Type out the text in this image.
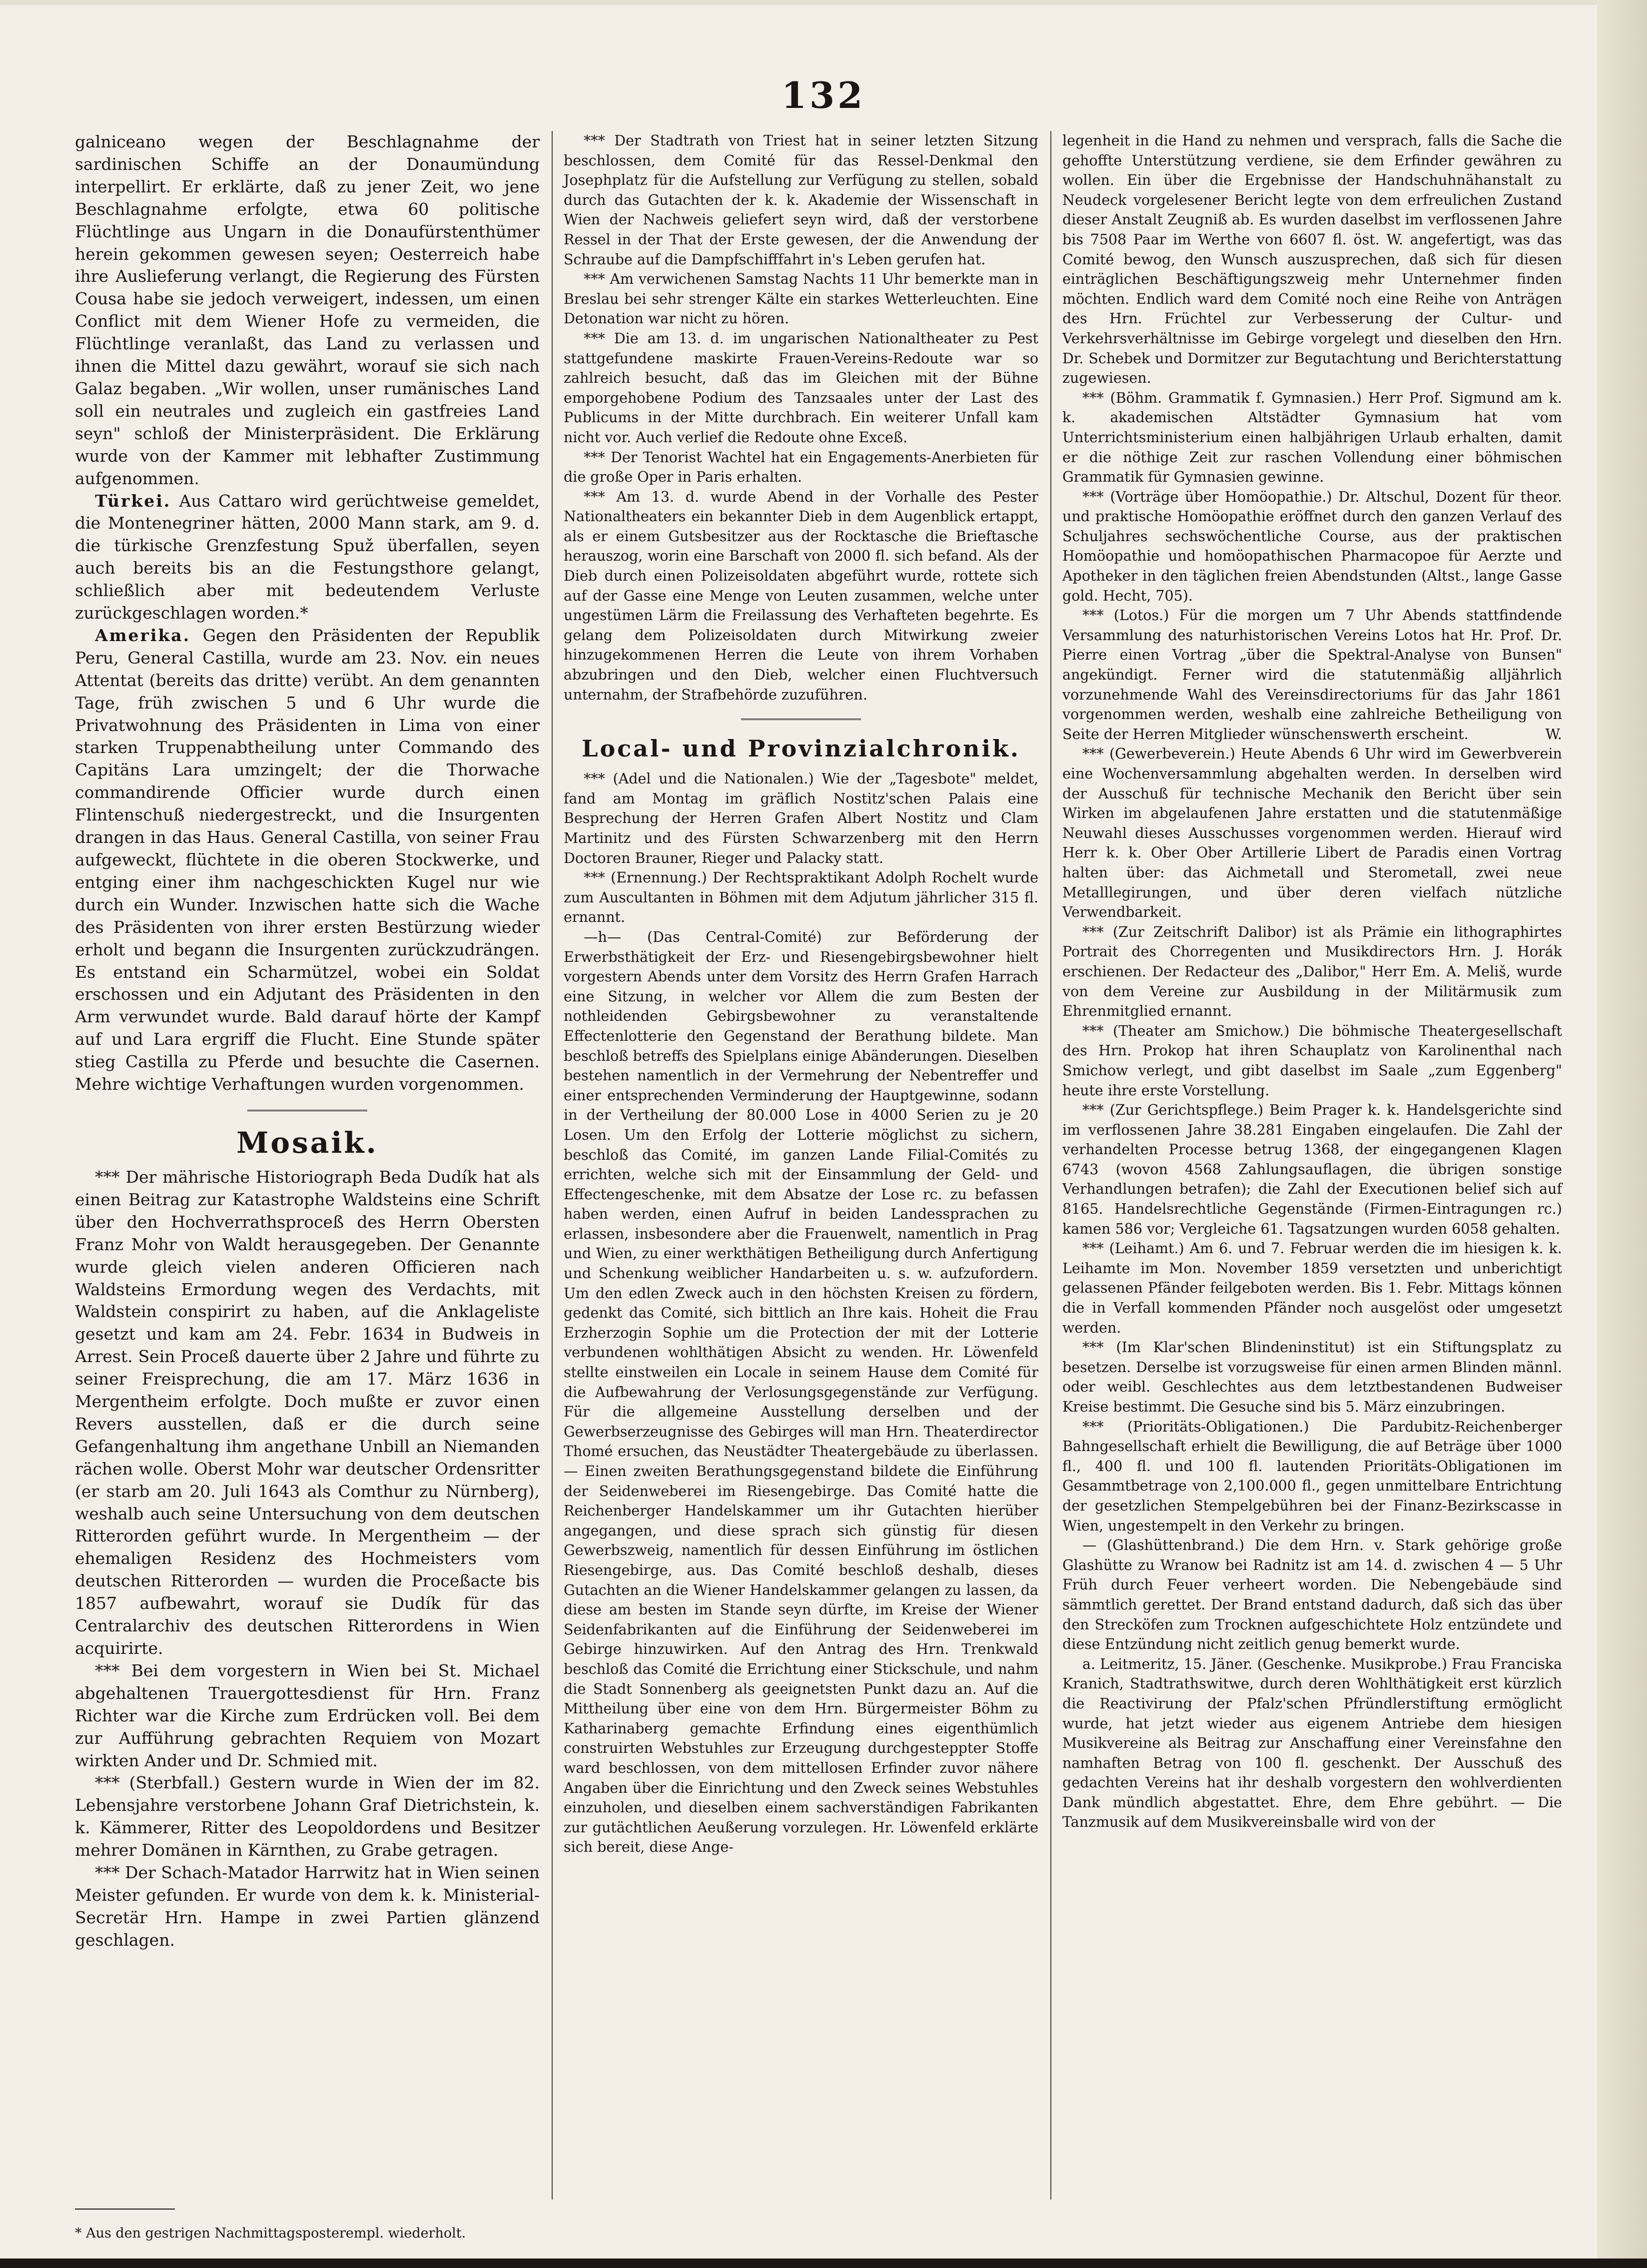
132

galniceano wegen der Beschlagnahme der sardinischen Schiffe an der Donaumündung interpellirt. Er erklärte, daß zu jener Zeit, wo jene Beschlagnahme erfolgte, etwa 60 politische Flüchtlinge aus Ungarn in die Donaufürstenthümer herein gekommen gewesen seyen; Oesterreich habe ihre Auslieferung verlangt, die Regierung des Fürsten Cousa habe sie jedoch verweigert, indessen, um einen Conflict mit dem Wiener Hofe zu vermeiden, die Flüchtlinge veranlaßt, das Land zu verlassen und ihnen die Mittel dazu gewährt, worauf sie sich nach Galaz begaben. „Wir wollen, unser rumänisches Land soll ein neutrales und zugleich ein gastfreies Land seyn" schloß der Ministerpräsident. Die Erklärung wurde von der Kammer mit lebhafter Zustimmung aufgenommen.

Türkei. Aus Cattaro wird gerüchtweise gemeldet, die Montenegriner hätten, 2000 Mann stark, am 9. d. die türkische Grenzfestung Spuž überfallen, seyen auch bereits bis an die Festungsthore gelangt, schließlich aber mit bedeutendem Verluste zurückgeschlagen worden.*

Amerika. Gegen den Präsidenten der Republik Peru, General Castilla, wurde am 23. Nov. ein neues Attentat (bereits das dritte) verübt. An dem genannten Tage, früh zwischen 5 und 6 Uhr wurde die Privatwohnung des Präsidenten in Lima von einer starken Truppenabtheilung unter Commando des Capitäns Lara umzingelt; der die Thorwache commandirende Officier wurde durch einen Flintenschuß niedergestreckt, und die Insurgenten drangen in das Haus. General Castilla, von seiner Frau aufgeweckt, flüchtete in die oberen Stockwerke, und entging einer ihm nachgeschickten Kugel nur wie durch ein Wunder. Inzwischen hatte sich die Wache des Präsidenten von ihrer ersten Bestürzung wieder erholt und begann die Insurgenten zurückzudrängen. Es entstand ein Scharmützel, wobei ein Soldat erschossen und ein Adjutant des Präsidenten in den Arm verwundet wurde. Bald darauf hörte der Kampf auf und Lara ergriff die Flucht. Eine Stunde später stieg Castilla zu Pferde und besuchte die Casernen. Mehre wichtige Verhaftungen wurden vorgenommen.

Mosaik.

*** Der mährische Historiograph Beda Dudík hat als einen Beitrag zur Katastrophe Waldsteins eine Schrift über den Hochverrathsproceß des Herrn Obersten Franz Mohr von Waldt herausgegeben. Der Genannte wurde gleich vielen anderen Officieren nach Waldsteins Ermordung wegen des Verdachts, mit Waldstein conspirirt zu haben, auf die Anklageliste gesetzt und kam am 24. Febr. 1634 in Budweis in Arrest. Sein Proceß dauerte über 2 Jahre und führte zu seiner Freisprechung, die am 17. März 1636 in Mergentheim erfolgte. Doch mußte er zuvor einen Revers ausstellen, daß er die durch seine Gefangenhaltung ihm angethane Unbill an Niemanden rächen wolle. Oberst Mohr war deutscher Ordensritter (er starb am 20. Juli 1643 als Comthur zu Nürnberg), weshalb auch seine Untersuchung von dem deutschen Ritterorden geführt wurde. In Mergentheim — der ehemaligen Residenz des Hochmeisters vom deutschen Ritterorden — wurden die Proceßacte bis 1857 aufbewahrt, worauf sie Dudík für das Centralarchiv des deutschen Ritterordens in Wien acquirirte.

*** Bei dem vorgestern in Wien bei St. Michael abgehaltenen Trauergottesdienst für Hrn. Franz Richter war die Kirche zum Erdrücken voll. Bei dem zur Aufführung gebrachten Requiem von Mozart wirkten Ander und Dr. Schmied mit.

*** (Sterbfall.) Gestern wurde in Wien der im 82. Lebensjahre verstorbene Johann Graf Dietrichstein, k. k. Kämmerer, Ritter des Leopoldordens und Besitzer mehrer Domänen in Kärnthen, zu Grabe getragen.

*** Der Schach-Matador Harrwitz hat in Wien seinen Meister gefunden. Er wurde von dem k. k. Ministerial-Secretär Hrn. Hampe in zwei Partien glänzend geschlagen.

* Aus den gestrigen Nachmittagsposterempl. wiederholt.

*** Der Stadtrath von Triest hat in seiner letzten Sitzung beschlossen, dem Comité für das Ressel-Denkmal den Josephplatz für die Aufstellung zur Verfügung zu stellen, sobald durch das Gutachten der k. k. Akademie der Wissenschaft in Wien der Nachweis geliefert seyn wird, daß der verstorbene Ressel in der That der Erste gewesen, der die Anwendung der Schraube auf die Dampfschifffahrt in's Leben gerufen hat.

*** Am verwichenen Samstag Nachts 11 Uhr bemerkte man in Breslau bei sehr strenger Kälte ein starkes Wetterleuchten. Eine Detonation war nicht zu hören.

*** Die am 13. d. im ungarischen Nationaltheater zu Pest stattgefundene maskirte Frauen-Vereins-Redoute war so zahlreich besucht, daß das im Gleichen mit der Bühne emporgehobene Podium des Tanzsaales unter der Last des Publicums in der Mitte durchbrach. Ein weiterer Unfall kam nicht vor. Auch verlief die Redoute ohne Exceß.

*** Der Tenorist Wachtel hat ein Engagements-Anerbieten für die große Oper in Paris erhalten.

*** Am 13. d. wurde Abend in der Vorhalle des Pester Nationaltheaters ein bekannter Dieb in dem Augenblick ertappt, als er einem Gutsbesitzer aus der Rocktasche die Brieftasche herauszog, worin eine Barschaft von 2000 fl. sich befand. Als der Dieb durch einen Polizeisoldaten abgeführt wurde, rottete sich auf der Gasse eine Menge von Leuten zusammen, welche unter ungestümen Lärm die Freilassung des Verhafteten begehrte. Es gelang dem Polizeisoldaten durch Mitwirkung zweier hinzugekommenen Herren die Leute von ihrem Vorhaben abzubringen und den Dieb, welcher einen Fluchtversuch unternahm, der Strafbehörde zuzuführen.

Local- und Provinzialchronik.

*** (Adel und die Nationalen.) Wie der „Tagesbote" meldet, fand am Montag im gräflich Nostitz'schen Palais eine Besprechung der Herren Grafen Albert Nostitz und Clam Martinitz und des Fürsten Schwarzenberg mit den Herrn Doctoren Brauner, Rieger und Palacky statt.

*** (Ernennung.) Der Rechtspraktikant Adolph Rochelt wurde zum Auscultanten in Böhmen mit dem Adjutum jährlicher 315 fl. ernannt.

—h— (Das Central-Comité) zur Beförderung der Erwerbsthätigkeit der Erz- und Riesengebirgsbewohner hielt vorgestern Abends unter dem Vorsitz des Herrn Grafen Harrach eine Sitzung, in welcher vor Allem die zum Besten der nothleidenden Gebirgsbewohner zu veranstaltende Effectenlotterie den Gegenstand der Berathung bildete. Man beschloß betreffs des Spielplans einige Abänderungen. Dieselben bestehen namentlich in der Vermehrung der Nebentreffer und einer entsprechenden Verminderung der Hauptgewinne, sodann in der Vertheilung der 80.000 Lose in 4000 Serien zu je 20 Losen. Um den Erfolg der Lotterie möglichst zu sichern, beschloß das Comité, im ganzen Lande Filial-Comités zu errichten, welche sich mit der Einsammlung der Geld- und Effectengeschenke, mit dem Absatze der Lose rc. zu befassen haben werden, einen Aufruf in beiden Landessprachen zu erlassen, insbesondere aber die Frauenwelt, namentlich in Prag und Wien, zu einer werkthätigen Betheiligung durch Anfertigung und Schenkung weiblicher Handarbeiten u. s. w. aufzufordern. Um den edlen Zweck auch in den höchsten Kreisen zu fördern, gedenkt das Comité, sich bittlich an Ihre kais. Hoheit die Frau Erzherzogin Sophie um die Protection der mit der Lotterie verbundenen wohlthätigen Absicht zu wenden. Hr. Löwenfeld stellte einstweilen ein Locale in seinem Hause dem Comité für die Aufbewahrung der Verlosungsgegenstände zur Verfügung. Für die allgemeine Ausstellung derselben und der Gewerbserzeugnisse des Gebirges will man Hrn. Theaterdirector Thomé ersuchen, das Neustädter Theatergebäude zu überlassen. — Einen zweiten Berathungsgegenstand bildete die Einführung der Seidenweberei im Riesengebirge. Das Comité hatte die Reichenberger Handelskammer um ihr Gutachten hierüber angegangen, und diese sprach sich günstig für diesen Gewerbszweig, namentlich für dessen Einführung im östlichen Riesengebirge, aus. Das Comité beschloß deshalb, dieses Gutachten an die Wiener Handelskammer gelangen zu lassen, da diese am besten im Stande seyn dürfte, im Kreise der Wiener Seidenfabrikanten auf die Einführung der Seidenweberei im Gebirge hinzuwirken. Auf den Antrag des Hrn. Trenkwald beschloß das Comité die Errichtung einer Stickschule, und nahm die Stadt Sonnenberg als geeignetsten Punkt dazu an. Auf die Mittheilung über eine von dem Hrn. Bürgermeister Böhm zu Katharinaberg gemachte Erfindung eines eigenthümlich construirten Webstuhles zur Erzeugung durchgesteppter Stoffe ward beschlossen, von dem mittellosen Erfinder zuvor nähere Angaben über die Einrichtung und den Zweck seines Webstuhles einzuholen, und dieselben einem sachverständigen Fabrikanten zur gutächtlichen Aeußerung vorzulegen. Hr. Löwenfeld erklärte sich bereit, diese Ange-

legenheit in die Hand zu nehmen und versprach, falls die Sache die gehoffte Unterstützung verdiene, sie dem Erfinder gewähren zu wollen. Ein über die Ergebnisse der Handschuhnähanstalt zu Neudeck vorgelesener Bericht legte von dem erfreulichen Zustand dieser Anstalt Zeugniß ab. Es wurden daselbst im verflossenen Jahre bis 7508 Paar im Werthe von 6607 fl. öst. W. angefertigt, was das Comité bewog, den Wunsch auszusprechen, daß sich für diesen einträglichen Beschäftigungszweig mehr Unternehmer finden möchten. Endlich ward dem Comité noch eine Reihe von Anträgen des Hrn. Früchtel zur Verbesserung der Cultur- und Verkehrsverhältnisse im Gebirge vorgelegt und dieselben den Hrn. Dr. Schebek und Dormitzer zur Begutachtung und Berichterstattung zugewiesen.

*** (Böhm. Grammatik f. Gymnasien.) Herr Prof. Sigmund am k. k. akademischen Altstädter Gymnasium hat vom Unterrichtsministerium einen halbjährigen Urlaub erhalten, damit er die nöthige Zeit zur raschen Vollendung einer böhmischen Grammatik für Gymnasien gewinne.

*** (Vorträge über Homöopathie.) Dr. Altschul, Dozent für theor. und praktische Homöopathie eröffnet durch den ganzen Verlauf des Schuljahres sechswöchentliche Course, aus der praktischen Homöopathie und homöopathischen Pharmacopoe für Aerzte und Apotheker in den täglichen freien Abendstunden (Altst., lange Gasse gold. Hecht, 705).

*** (Lotos.) Für die morgen um 7 Uhr Abends stattfindende Versammlung des naturhistorischen Vereins Lotos hat Hr. Prof. Dr. Pierre einen Vortrag „über die Spektral-Analyse von Bunsen" angekündigt. Ferner wird die statutenmäßig alljährlich vorzunehmende Wahl des Vereinsdirectoriums für das Jahr 1861 vorgenommen werden, weshalb eine zahlreiche Betheiligung von Seite der Herren Mitglieder wünschenswerth erscheint.	W.

*** (Gewerbeverein.) Heute Abends 6 Uhr wird im Gewerbverein eine Wochenversammlung abgehalten werden. In derselben wird der Ausschuß für technische Mechanik den Bericht über sein Wirken im abgelaufenen Jahre erstatten und die statutenmäßige Neuwahl dieses Ausschusses vorgenommen werden. Hierauf wird Herr k. k. Ober Ober Artillerie Libert de Paradis einen Vortrag halten über: das Aichmetall und Sterometall, zwei neue Metalllegirungen, und über deren vielfach nützliche Verwendbarkeit.

*** (Zur Zeitschrift Dalibor) ist als Prämie ein lithographirtes Portrait des Chorregenten und Musikdirectors Hrn. J. Horák erschienen. Der Redacteur des „Dalibor," Herr Em. A. Meliš, wurde von dem Vereine zur Ausbildung in der Militärmusik zum Ehrenmitglied ernannt.

*** (Theater am Smichow.) Die böhmische Theatergesellschaft des Hrn. Prokop hat ihren Schauplatz von Karolinenthal nach Smichow verlegt, und gibt daselbst im Saale „zum Eggenberg" heute ihre erste Vorstellung.

*** (Zur Gerichtspflege.) Beim Prager k. k. Handelsgerichte sind im verflossenen Jahre 38.281 Eingaben eingelaufen. Die Zahl der verhandelten Processe betrug 1368, der eingegangenen Klagen 6743 (wovon 4568 Zahlungsauflagen, die übrigen sonstige Verhandlungen betrafen); die Zahl der Executionen belief sich auf 8165. Handelsrechtliche Gegenstände (Firmen-Eintragungen rc.) kamen 586 vor; Vergleiche 61. Tagsatzungen wurden 6058 gehalten.

*** (Leihamt.) Am 6. und 7. Februar werden die im hiesigen k. k. Leihamte im Mon. November 1859 versetzten und unberichtigt gelassenen Pfänder feilgeboten werden. Bis 1. Febr. Mittags können die in Verfall kommenden Pfänder noch ausgelöst oder umgesetzt werden.

*** (Im Klar'schen Blindeninstitut) ist ein Stiftungsplatz zu besetzen. Derselbe ist vorzugsweise für einen armen Blinden männl. oder weibl. Geschlechtes aus dem letztbestandenen Budweiser Kreise bestimmt. Die Gesuche sind bis 5. März einzubringen.

*** (Prioritäts-Obligationen.) Die Pardubitz-Reichenberger Bahngesellschaft erhielt die Bewilligung, die auf Beträge über 1000 fl., 400 fl. und 100 fl. lautenden Prioritäts-Obligationen im Gesammtbetrage von 2,100.000 fl., gegen unmittelbare Entrichtung der gesetzlichen Stempelgebühren bei der Finanz-Bezirkscasse in Wien, ungestempelt in den Verkehr zu bringen.

— (Glashüttenbrand.) Die dem Hrn. v. Stark gehörige große Glashütte zu Wranow bei Radnitz ist am 14. d. zwischen 4 — 5 Uhr Früh durch Feuer verheert worden. Die Nebengebäude sind sämmtlich gerettet. Der Brand entstand dadurch, daß sich das über den Strecköfen zum Trocknen aufgeschichtete Holz entzündete und diese Entzündung nicht zeitlich genug bemerkt wurde.

a. Leitmeritz, 15. Jäner. (Geschenke. Musikprobe.) Frau Franciska Kranich, Stadtrathswitwe, durch deren Wohlthätigkeit erst kürzlich die Reactivirung der Pfalz'schen Pfründlerstiftung ermöglicht wurde, hat jetzt wieder aus eigenem Antriebe dem hiesigen Musikvereine als Beitrag zur Anschaffung einer Vereinsfahne den namhaften Betrag von 100 fl. geschenkt. Der Ausschuß des gedachten Vereins hat ihr deshalb vorgestern den wohlverdienten Dank mündlich abgestattet. Ehre, dem Ehre gebührt. — Die Tanzmusik auf dem Musikvereinsballe wird von der
